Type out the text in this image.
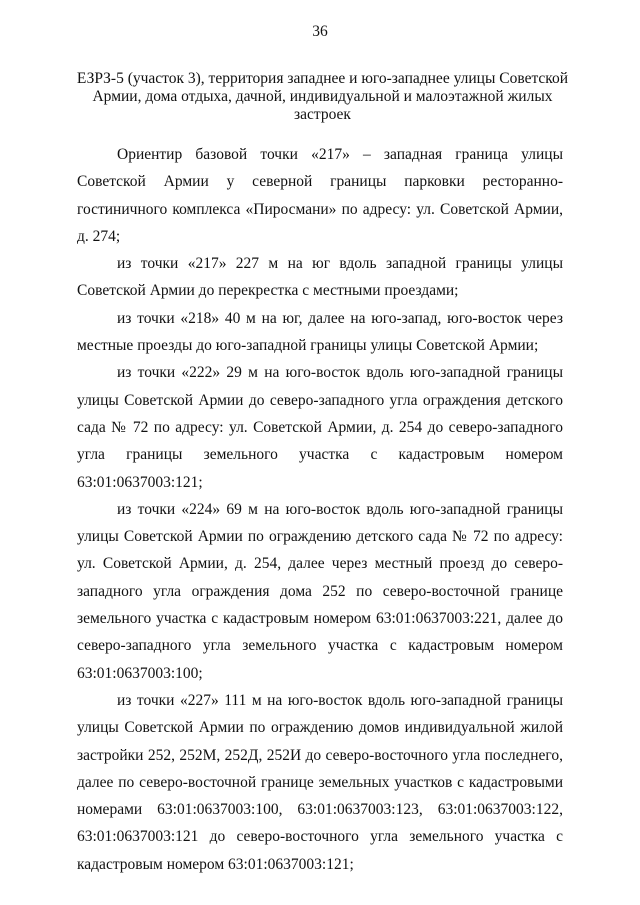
36
ЕЗРЗ-5 (участок 3), территория западнее и юго-западнее улицы Советской Армии, дома отдыха, дачной, индивидуальной и малоэтажной жилых застроек

Ориентир базовой точки «217» – западная граница улицы Советской Армии у северной границы парковки ресторанно-гостиничного комплекса «Пиросмани» по адресу: ул. Советской Армии, д. 274;

из точки «217» 227 м на юг вдоль западной границы улицы Советской Армии до перекрестка с местными проездами;

из точки «218» 40 м на юг, далее на юго-запад, юго-восток через местные проезды до юго-западной границы улицы Советской Армии;

из точки «222» 29 м на юго-восток вдоль юго-западной границы улицы Советской Армии до северо-западного угла ограждения детского сада № 72 по адресу: ул. Советской Армии, д. 254 до северо-западного угла границы земельного участка с кадастровым номером 63:01:0637003:121;

из точки «224» 69 м на юго-восток вдоль юго-западной границы улицы Советской Армии по ограждению детского сада № 72 по адресу: ул. Советской Армии, д. 254, далее через местный проезд до северо-западного угла ограждения дома 252 по северо-восточной границе земельного участка с кадастровым номером 63:01:0637003:221, далее до северо-западного угла земельного участка с кадастровым номером 63:01:0637003:100;

из точки «227» 111 м на юго-восток вдоль юго-западной границы улицы Советской Армии по ограждению домов индивидуальной жилой застройки 252, 252М, 252Д, 252И до северо-восточного угла последнего, далее по северо-восточной границе земельных участков с кадастровыми номерами 63:01:0637003:100, 63:01:0637003:123, 63:01:0637003:122, 63:01:0637003:121 до северо-восточного угла земельного участка с кадастровым номером 63:01:0637003:121;
